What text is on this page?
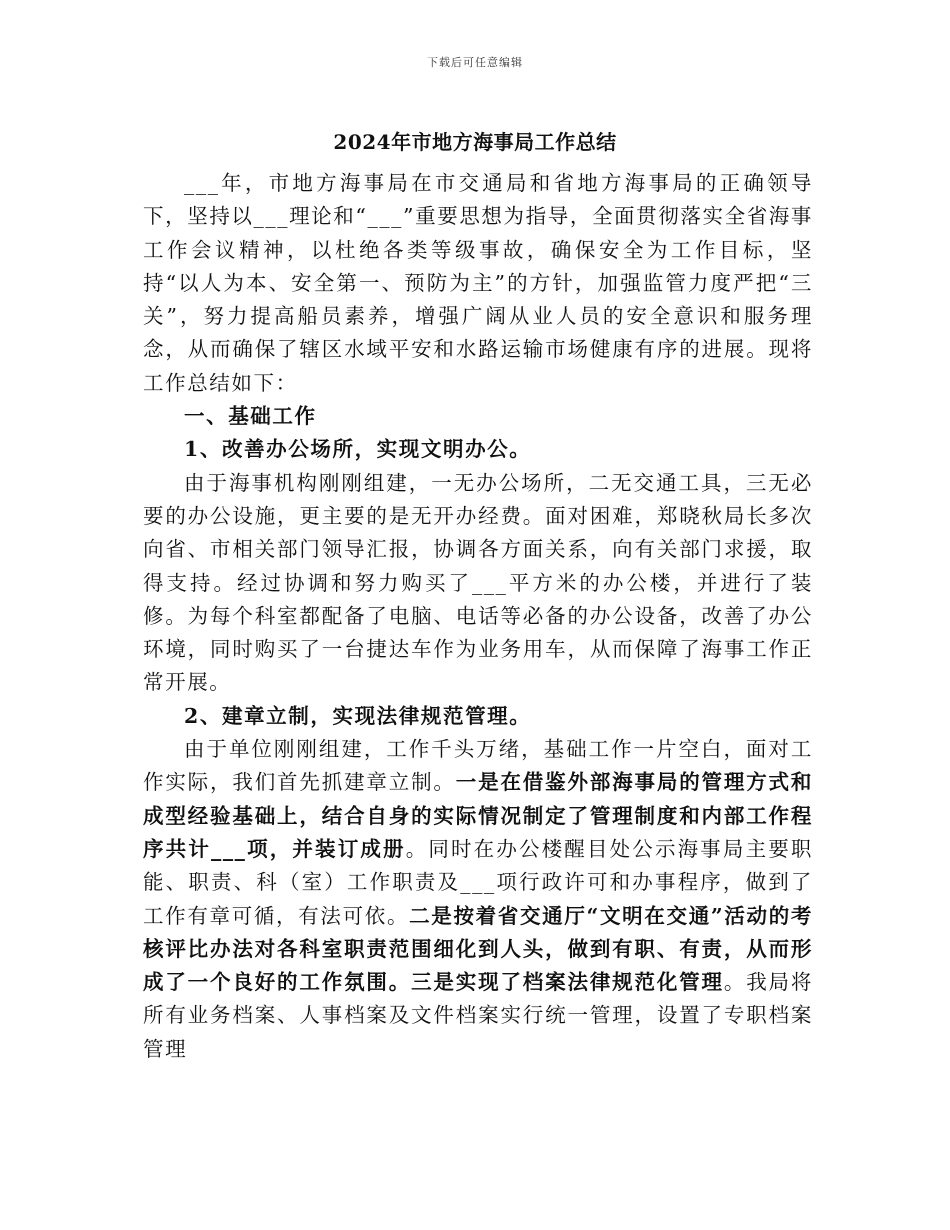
下载后可任意编辑
2024年市地方海事局工作总结

___年，市地方海事局在市交通局和省地方海事局的正确领导下，坚持以___理论和“___”重要思想为指导，全面贯彻落实全省海事工作会议精神，以杜绝各类等级事故，确保安全为工作目标，坚持“以人为本、安全第一、预防为主”的方针，加强监管力度严把“三关”，努力提高船员素养，增强广阔从业人员的安全意识和服务理念，从而确保了辖区水域平安和水路运输市场健康有序的进展。现将工作总结如下：

一、基础工作

1、改善办公场所，实现文明办公。

由于海事机构刚刚组建，一无办公场所，二无交通工具，三无必要的办公设施，更主要的是无开办经费。面对困难，郑晓秋局长多次向省、市相关部门领导汇报，协调各方面关系，向有关部门求援，取得支持。经过协调和努力购买了___平方米的办公楼，并进行了装修。为每个科室都配备了电脑、电话等必备的办公设备，改善了办公环境，同时购买了一台捷达车作为业务用车，从而保障了海事工作正常开展。

2、建章立制，实现法律规范管理。

由于单位刚刚组建，工作千头万绪，基础工作一片空白，面对工作实际，我们首先抓建章立制。一是在借鉴外部海事局的管理方式和成型经验基础上，结合自身的实际情况制定了管理制度和内部工作程序共计___项，并装订成册。同时在办公楼醒目处公示海事局主要职能、职责、科（室）工作职责及___项行政许可和办事程序，做到了工作有章可循，有法可依。二是按着省交通厅“文明在交通”活动的考核评比办法对各科室职责范围细化到人头，做到有职、有责，从而形成了一个良好的工作氛围。三是实现了档案法律规范化管理。我局将所有业务档案、人事档案及文件档案实行统一管理，设置了专职档案管理
